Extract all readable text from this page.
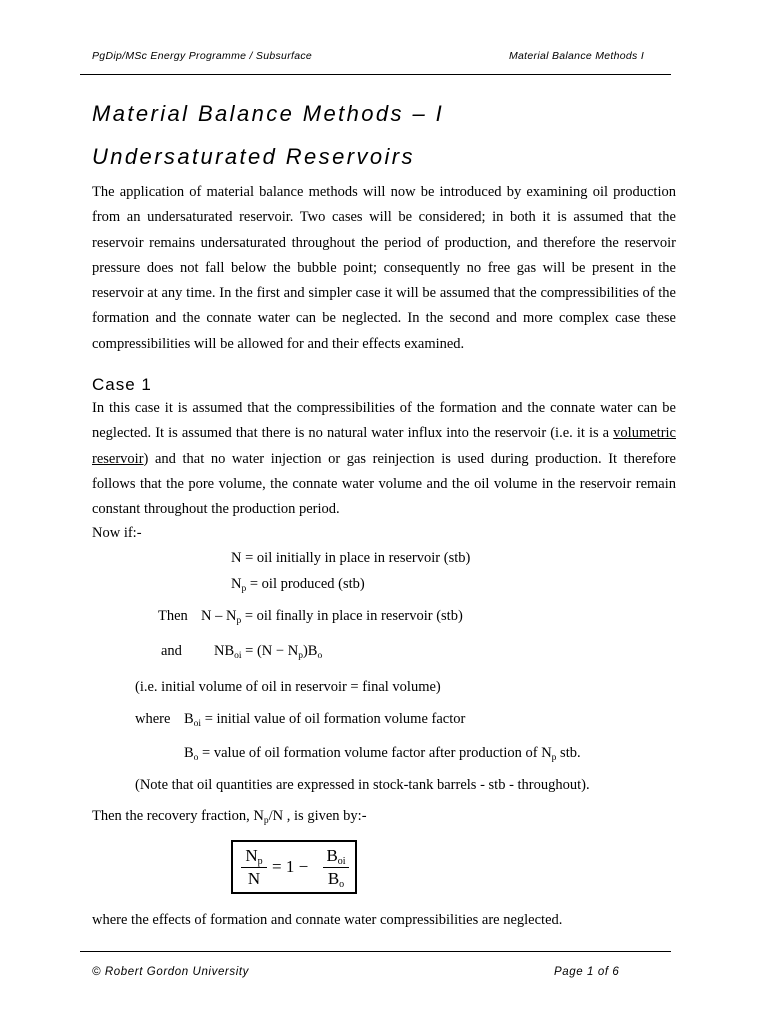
PgDip/MSc Energy Programme / Subsurface	Material Balance Methods I
Material Balance Methods – I
Undersaturated Reservoirs
The application of material balance methods will now be introduced by examining oil production from an undersaturated reservoir. Two cases will be considered; in both it is assumed that the reservoir remains undersaturated throughout the period of production, and therefore the reservoir pressure does not fall below the bubble point; consequently no free gas will be present in the reservoir at any time. In the first and simpler case it will be assumed that the compressibilities of the formation and the connate water can be neglected. In the second and more complex case these compressibilities will be allowed for and their effects examined.
Case 1
In this case it is assumed that the compressibilities of the formation and the connate water can be neglected. It is assumed that there is no natural water influx into the reservoir (i.e. it is a volumetric reservoir) and that no water injection or gas reinjection is used during production. It therefore follows that the pore volume, the connate water volume and the oil volume in the reservoir remain constant throughout the production period.
Now if:-
N = oil initially in place in reservoir (stb)
$N_p$ = oil produced (stb)
Then N – $N_p$ = oil finally in place in reservoir (stb)
and $NB_{oi} = (N - N_p)B_o$
(i.e. initial volume of oil in reservoir = final volume)
where $B_{oi}$ = initial value of oil formation volume factor
$B_o$ = value of oil formation volume factor after production of $N_p$ stb.
(Note that oil quantities are expressed in stock-tank barrels - stb - throughout).
Then the recovery fraction, $N_p/N$ , is given by:-
$N_p$
N
= 1 −
$B_{oi}$
$B_o$
where the effects of formation and connate water compressibilities are neglected.
© Robert Gordon University	Page 1 of 6
